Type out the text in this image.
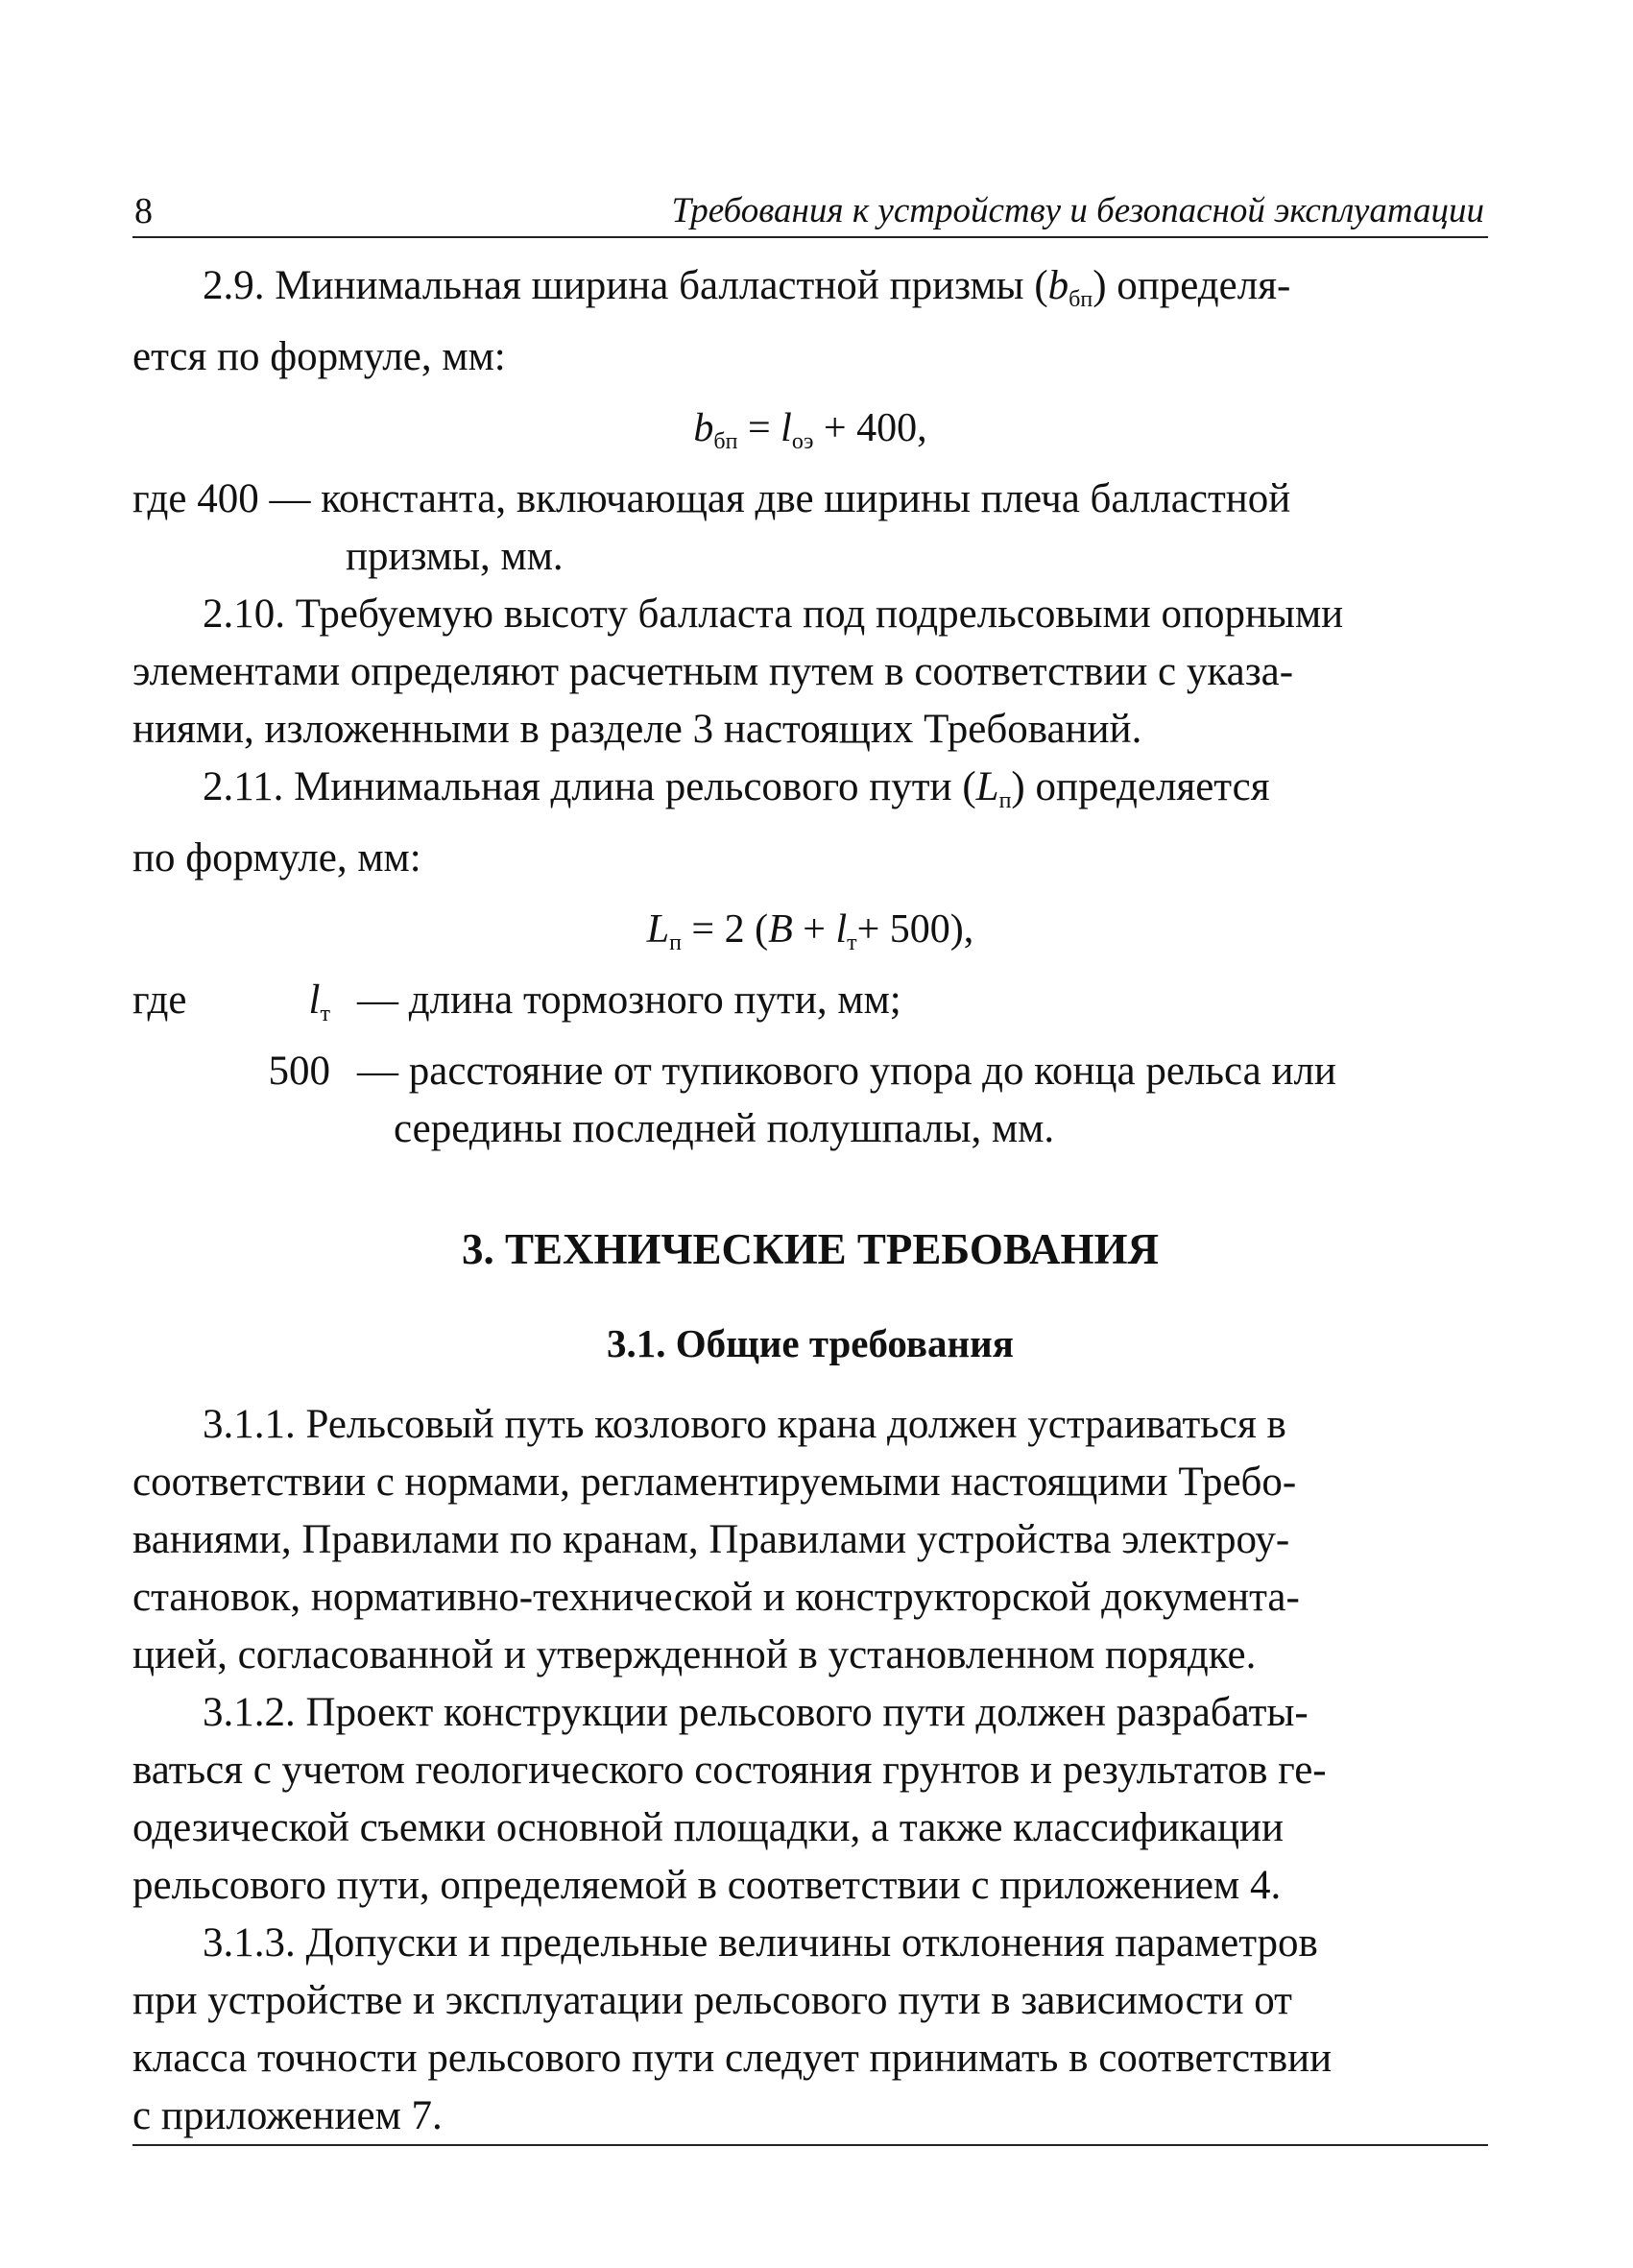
8	Требования к устройству и безопасной эксплуатации

2.9. Минимальная ширина балластной призмы (bбп) определя-

ется по формуле, мм:

$b_{бп} = l_{оэ} + 400$,

где 400 — константа, включающая две ширины плеча балластной

призмы, мм.

2.10. Требуемую высоту балласта под подрельсовыми опорными

элементами определяют расчетным путем в соответствии с указа-

ниями, изложенными в разделе 3 настоящих Требований.

2.11. Минимальная длина рельсового пути (Lп) определяется

по формуле, мм:

$L_п = 2$ $(B + l_т+ 500)$,

где	$l_т$ — длина тормозного пути, мм;

500 — расстояние от тупикового упора до конца рельса или

середины последней полушпалы, мм.

3. ТЕХНИЧЕСКИЕ ТРЕБОВАНИЯ
3.1. Общие требования

3.1.1. Рельсовый путь козлового крана должен устраиваться в

соответствии с нормами, регламентируемыми настоящими Требо-

ваниями, Правилами по кранам, Правилами устройства электроу-

становок, нормативно-технической и конструкторской документа-

цией, согласованной и утвержденной в установленном порядке.

3.1.2. Проект конструкции рельсового пути должен разрабаты-

ваться с учетом геологического состояния грунтов и результатов ге-

одезической съемки основной площадки, а также классификации

рельсового пути, определяемой в соответствии с приложением 4.

3.1.3. Допуски и предельные величины отклонения параметров

при устройстве и эксплуатации рельсового пути в зависимости от

класса точности рельсового пути следует принимать в соответствии

с приложением 7.
